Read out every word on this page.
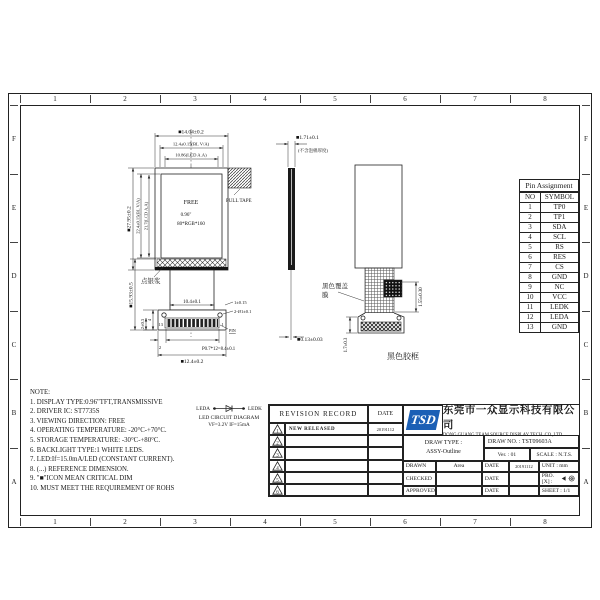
1	2	3	4	5	6	7	8
1	2	3	4	5	6	7	8
F
E
D
C
B
A
F
E
D
C
B
A
FREE
0.96"
80*RGB*160
PULL TAPE
■14.04±0.2
12.4±0.15(BL V/A)
10.86(LCD A.A)
■27.95±0.2 22.4±0.15(BL V/A) 21.7(LCD A.A)
■15.93±0.5
点银浆
13	1
PIN
10.4±0.1	1±0.15
2-Ø1±0.1
2±0.3 4
2	P0.7*12=8.4±0.1
■12.4±0.2
■1.71±0.1
(不含泡棉厚度)
■0.13±0.03
1.55±0.30
1.7±0.3
黑色覆盖
膜
黑色胶框
Pin Assignment
NO	SYMBOL
1	TP0
2	TP1
3	SDA
4	SCL
5	RS
6	RES
7	CS
8	GND
9	NC
10	VCC
11	LEDK
12	LEDA
13	GND
NOTE:
1. DISPLAY TYPE:0.96"TFT,TRANSMISSIVE
2. DRIVER IC: ST7735S
3. VIEWING DIRECTION: FREE
4. OPERATING TEMPERATURE: -20°C-+70°C.
5. STORAGE TEMPERATURE: -30°C-+80°C.
6. BACKLIGHT TYPE:1 WHITE LEDS.
7. LED:If=15.0mA/LED (CONSTANT CURRENT).
8. (...) REFERENCE DIMENSION.
9. "■"ICON MEAN CRITICAL DIM
10. MUST MEET THE REQUIREMENT OF ROHS
LEDA	LEDK
LED CIRCUIT DIAGRAM
VF=3.2V IF=15mA
REVISION RECORD	DATE
1
NEW RELEASED	20191112
2
3
4
5
6
TSD
东莞市一众显示科技有限公司
DONG GUANG TEAM SOURCE DISPLAY TECH. CO.,LTD.
DRAW TYPE :
ASSY-Outline
DRAW NO. : TST09603A
Ver. : 01	SCALE : N.T.S.
DRAWN	Area	DATE	20191112	UNIT : mm
CHECKED	DATE	PRO.[X] :
APPROVED	DATE	SHEET : 1/1
